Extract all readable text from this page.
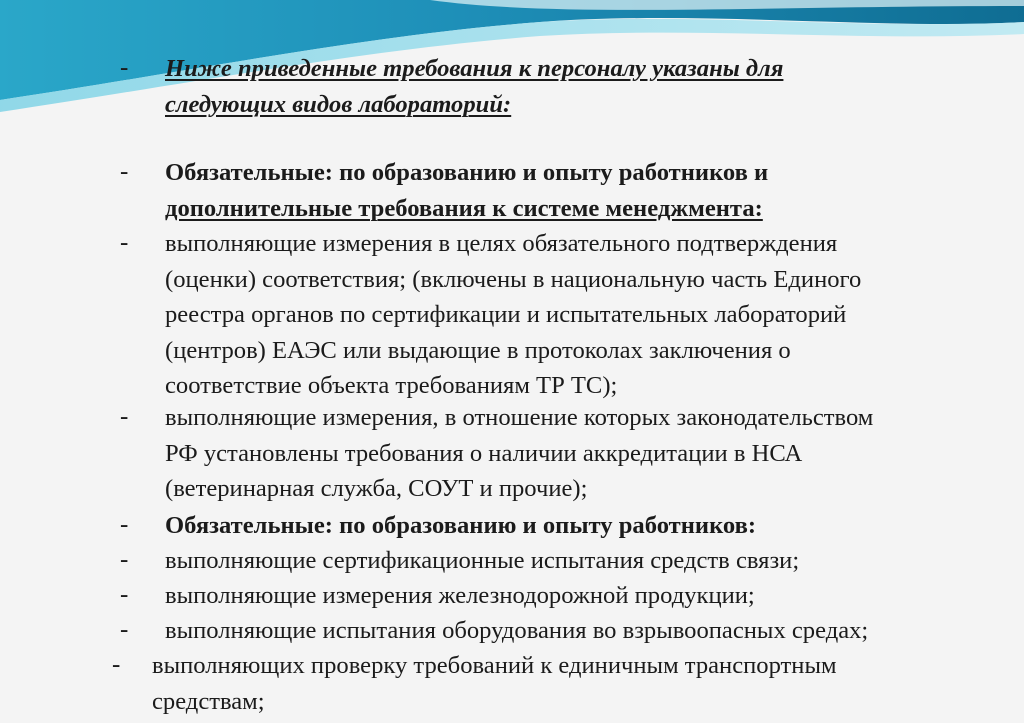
- Ниже приведенные требования к персоналу указаны для
следующих видов лабораторий:
- Обязательные: по образованию и опыту работников и
дополнительные требования к системе менеджмента:
- выполняющие измерения в целях обязательного подтверждения
(оценки) соответствия; (включены в национальную часть Единого
реестра органов по сертификации и испытательных лабораторий
(центров) ЕАЭС или выдающие в протоколах заключения о
соответствие объекта требованиям ТР ТС);
- выполняющие измерения, в отношение которых законодательством
РФ установлены требования о наличии аккредитации в НСА
(ветеринарная служба, СОУТ и прочие);
- Обязательные: по образованию и опыту работников:
- выполняющие сертификационные испытания средств связи;
- выполняющие измерения железнодорожной продукции;
- выполняющие испытания оборудования во взрывоопасных средах;
- выполняющих проверку требований к единичным транспортным
средствам;
